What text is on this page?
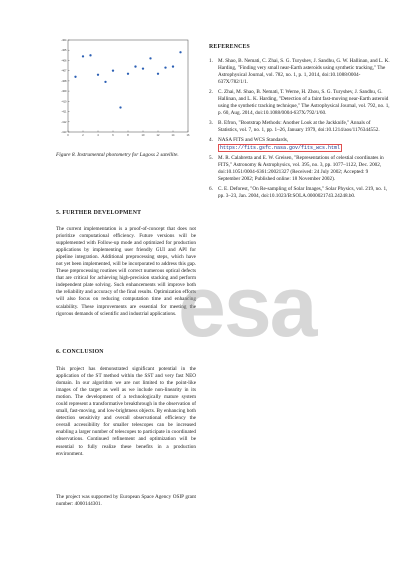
-404
-405
-406
-407
-408
-409
-410
-411
-412
-413
0	2	4	6	8	10	12	14	16
Figure 8. Instrumental photometry for Lagoss 2 satellite.
5. FURTHER DEVELOPMENT
The current implementation is a proof-of-concept that does not prioritize computational efficiency. Future versions will be supplemented with Follow-up mode and optimized for production applications by implementing user friendly GUI and API for pipeline integration. Additional preprocessing steps, which have not yet been implemented, will be incorporated to address this gap. These preprocessing routines will correct numerous optical defects that are critical for achieving high-precision stacking and perform independent plate solving. Such enhancements will improve both the reliability and accuracy of the final results. Optimization efforts will also focus on reducing computation time and enhancing scalability. These improvements are essential for meeting the rigorous demands of scientific and industrial applications.
6. CONCLUSION
This project has demonstrated significant potential in the application of the ST method within the SST and very fast NEO domain. In our algorithm we are not limited to the point-like images of the target as well as we include non-linearity in its motion. The development of a technologically mature system could represent a transformative breakthrough in the observation of small, fast-moving, and low-brightness objects. By enhancing both detection sensitivity and overall observational efficiency the overall accessibility for smaller telescopes can be increased enabling a larger number of telescopes to participate in coordinated observations. Continued refinement and optimization will be essential to fully realize these benefits in a production environment.
The project was supported by European Space Agency OSIP grant number: 4000144301.
REFERENCES
1. M. Shao, B. Nemati, C. Zhai, S. G. Turyshev, J. Sandhu, G. W. Hallinan, and L. K. Harding, "Finding very small near-Earth asteroids using synthetic tracking," The Astrophysical Journal, vol. 782, no. 1, p. 1, 2014, doi:10.1088/0004-637X/782/1/1.
2. C. Zhai, M. Shao, B. Nemati, T. Werne, H. Zhou, S. G. Turyshev, J. Sandhu, G. Hallinan, and L. K. Harding, "Detection of a faint fast-moving near-Earth asteroid using the synthetic tracking technique," The Astrophysical Journal, vol. 792, no. 1, p. 60, Aug. 2014, doi:10.1088/0004-637X/792/1/60.
3. B. Efron, "Bootstrap Methods: Another Look at the Jackknife," Annals of Statistics, vol. 7, no. 1, pp. 1–26, January 1979, doi:10.1214/aos/1176344552.
4. NASA FITS and WCS Standards, https://fits.gsfc.nasa.gov/fits_wcs.html
5. M. R. Calabretta and E. W. Greisen, "Representations of celestial coordinates in FITS," Astronomy & Astrophysics, vol. 395, no. 3, pp. 1077–1122, Dec. 2002, doi:10.1051/0004-6361:20021327 (Received: 24 July 2002; Accepted: 9 September 2002; Published online: 18 November 2002).
6. C. E. Deforest, "On Re-sampling of Solar Images," Solar Physics, vol. 219, no. 1, pp. 3–23, Jan. 2004, doi:10.1023/B:SOLA.0000021743.24248.b0.
esa
